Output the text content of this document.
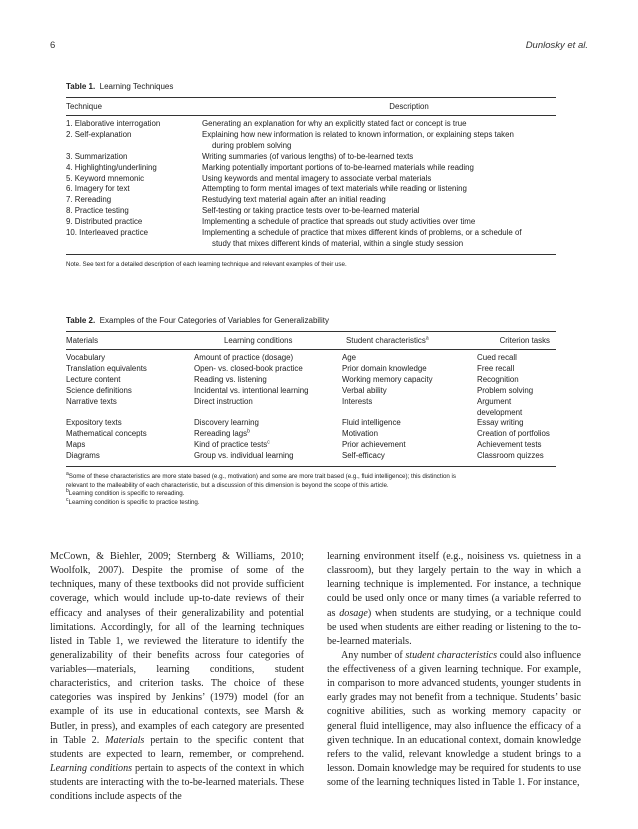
6	Dunlosky et al.
Table 1. Learning Techniques
Technique	Description
1. Elaborative interrogation	Generating an explanation for why an explicitly stated fact or concept is true
2. Self-explanation	Explaining how new information is related to known information, or explaining steps taken
during problem solving
3. Summarization	Writing summaries (of various lengths) of to-be-learned texts
4. Highlighting/underlining	Marking potentially important portions of to-be-learned materials while reading
5. Keyword mnemonic	Using keywords and mental imagery to associate verbal materials
6. Imagery for text	Attempting to form mental images of text materials while reading or listening
7. Rereading	Restudying text material again after an initial reading
8. Practice testing	Self-testing or taking practice tests over to-be-learned material
9. Distributed practice	Implementing a schedule of practice that spreads out study activities over time
10. Interleaved practice	Implementing a schedule of practice that mixes different kinds of problems, or a schedule of
study that mixes different kinds of material, within a single study session
Note. See text for a detailed description of each learning technique and relevant examples of their use.
Table 2. Examples of the Four Categories of Variables for Generalizability
Materials	Learning conditions	Student characteristics$^a$	Criterion tasks
Vocabulary	Amount of practice (dosage)	Age	Cued recall
Translation equivalents	Open- vs. closed-book practice	Prior domain knowledge	Free recall
Lecture content	Reading vs. listening	Working memory capacity	Recognition
Science definitions	Incidental vs. intentional learning	Verbal ability	Problem solving
Narrative texts	Direct instruction	Interests	Argument development
Expository texts	Discovery learning	Fluid intelligence	Essay writing
Mathematical concepts	Rereading lags$^b$	Motivation	Creation of portfolios
Maps	Kind of practice tests$^c$	Prior achievement	Achievement tests
Diagrams	Group vs. individual learning	Self-efficacy	Classroom quizzes
$^a$Some of these characteristics are more state based (e.g., motivation) and some are more trait based (e.g., fluid intelligence); this distinction is
relevant to the malleability of each characteristic, but a discussion of this dimension is beyond the scope of this article.
$^b$Learning condition is specific to rereading.
$^c$Learning condition is specific to practice testing.

McCown, & Biehler, 2009; Sternberg & Williams, 2010; Woolfolk, 2007). Despite the promise of some of the techniques, many of these textbooks did not provide sufficient coverage, which would include up-to-date reviews of their efficacy and analyses of their generalizability and potential limitations. Accordingly, for all of the learning techniques listed in Table 1, we reviewed the literature to identify the generalizability of their benefits across four categories of variables—materials, learning conditions, student characteristics, and criterion tasks. The choice of these categories was inspired by Jenkins’ (1979) model (for an example of its use in educational contexts, see Marsh & Butler, in press), and examples of each category are presented in Table 2. Materials pertain to the specific content that students are expected to learn, remember, or comprehend. Learning conditions pertain to aspects of the context in which students are interacting with the to-be-learned materials. These conditions include aspects of the

learning environment itself (e.g., noisiness vs. quietness in a classroom), but they largely pertain to the way in which a learning technique is implemented. For instance, a technique could be used only once or many times (a variable referred to as dosage) when students are studying, or a technique could be used when students are either reading or listening to the to-be-learned materials.

Any number of student characteristics could also influence the effectiveness of a given learning technique. For example, in comparison to more advanced students, younger students in early grades may not benefit from a technique. Students’ basic cognitive abilities, such as working memory capacity or general fluid intelligence, may also influence the efficacy of a given technique. In an educational context, domain knowledge refers to the valid, relevant knowledge a student brings to a lesson. Domain knowledge may be required for students to use some of the learning techniques listed in Table 1. For instance,
